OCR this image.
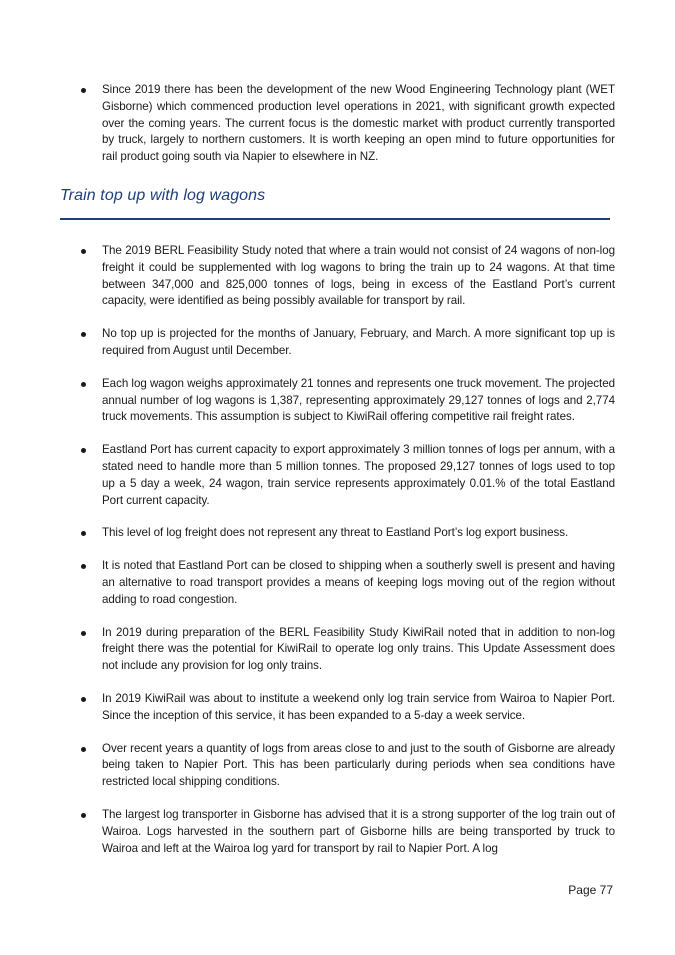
Since 2019 there has been the development of the new Wood Engineering Technology plant (WET Gisborne) which commenced production level operations in 2021, with significant growth expected over the coming years. The current focus is the domestic market with product currently transported by truck, largely to northern customers. It is worth keeping an open mind to future opportunities for rail product going south via Napier to elsewhere in NZ.
Train top up with log wagons
The 2019 BERL Feasibility Study noted that where a train would not consist of 24 wagons of non-log freight it could be supplemented with log wagons to bring the train up to 24 wagons. At that time between 347,000 and 825,000 tonnes of logs, being in excess of the Eastland Port’s current capacity, were identified as being possibly available for transport by rail.
No top up is projected for the months of January, February, and March. A more significant top up is required from August until December.
Each log wagon weighs approximately 21 tonnes and represents one truck movement. The projected annual number of log wagons is 1,387, representing approximately 29,127 tonnes of logs and 2,774 truck movements. This assumption is subject to KiwiRail offering competitive rail freight rates.
Eastland Port has current capacity to export approximately 3 million tonnes of logs per annum, with a stated need to handle more than 5 million tonnes. The proposed 29,127 tonnes of logs used to top up a 5 day a week, 24 wagon, train service represents approximately 0.01.% of the total Eastland Port current capacity.
This level of log freight does not represent any threat to Eastland Port’s log export business.
It is noted that Eastland Port can be closed to shipping when a southerly swell is present and having an alternative to road transport provides a means of keeping logs moving out of the region without adding to road congestion.
In 2019 during preparation of the BERL Feasibility Study KiwiRail noted that in addition to non-log freight there was the potential for KiwiRail to operate log only trains. This Update Assessment does not include any provision for log only trains.
In 2019 KiwiRail was about to institute a weekend only log train service from Wairoa to Napier Port. Since the inception of this service, it has been expanded to a 5-day a week service.
Over recent years a quantity of logs from areas close to and just to the south of Gisborne are already being taken to Napier Port. This has been particularly during periods when sea conditions have restricted local shipping conditions.
The largest log transporter in Gisborne has advised that it is a strong supporter of the log train out of Wairoa. Logs harvested in the southern part of Gisborne hills are being transported by truck to Wairoa and left at the Wairoa log yard for transport by rail to Napier Port. A log
Page 77
